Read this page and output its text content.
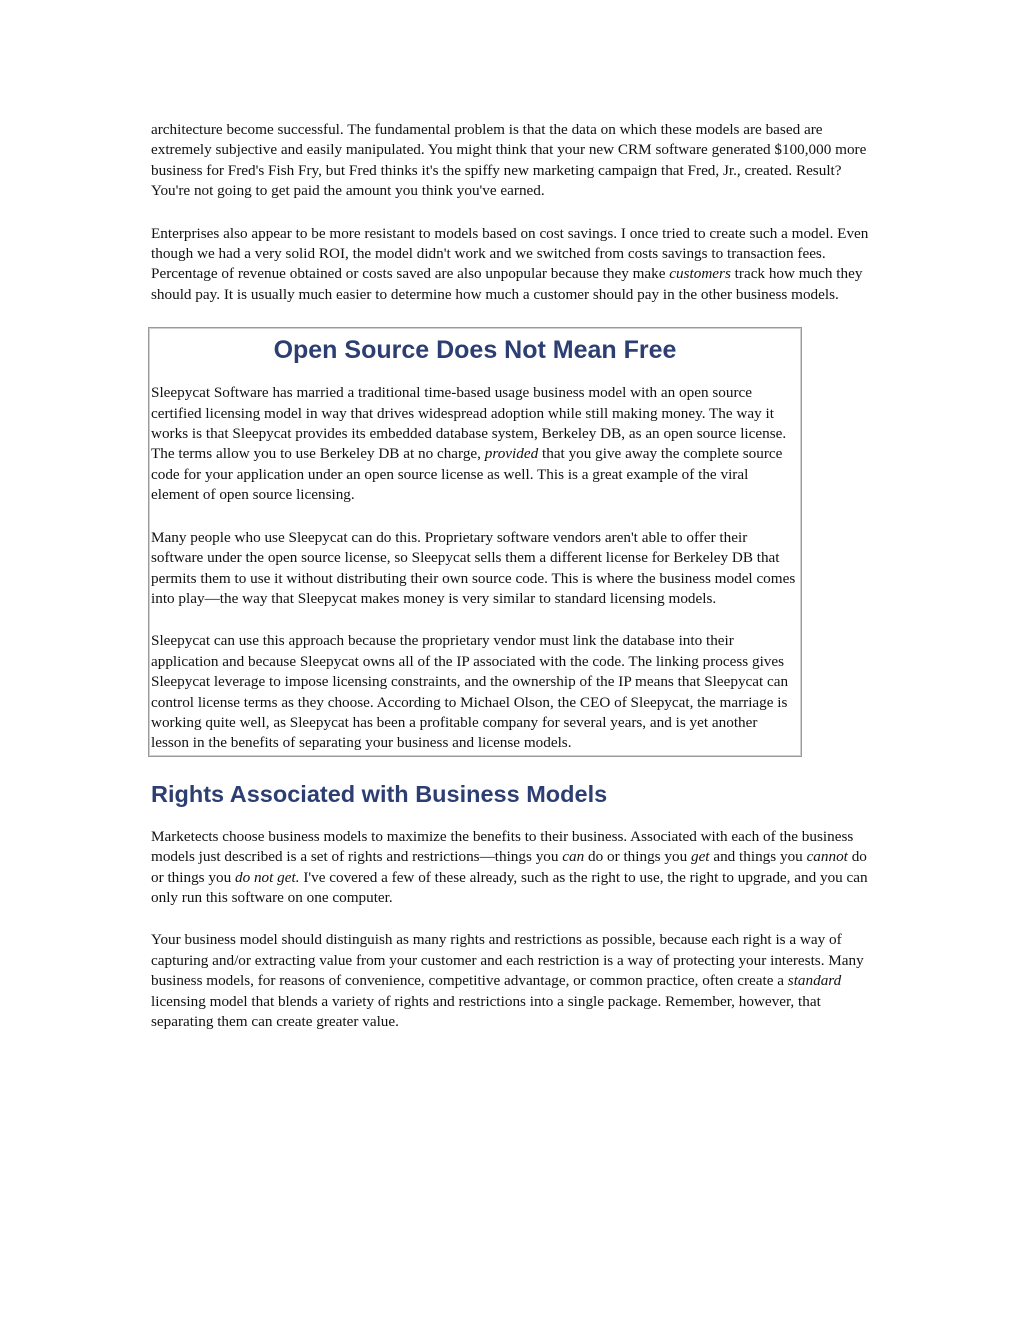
architecture become successful. The fundamental problem is that the data on which these models are based are extremely subjective and easily manipulated. You might think that your new CRM software generated $100,000 more business for Fred's Fish Fry, but Fred thinks it's the spiffy new marketing campaign that Fred, Jr., created. Result? You're not going to get paid the amount you think you've earned.

Enterprises also appear to be more resistant to models based on cost savings. I once tried to create such a model. Even though we had a very solid ROI, the model didn't work and we switched from costs savings to transaction fees. Percentage of revenue obtained or costs saved are also unpopular because they make customers track how much they should pay. It is usually much easier to determine how much a customer should pay in the other business models.

Open Source Does Not Mean Free

Sleepycat Software has married a traditional time-based usage business model with an open source certified licensing model in way that drives widespread adoption while still making money. The way it works is that Sleepycat provides its embedded database system, Berkeley DB, as an open source license. The terms allow you to use Berkeley DB at no charge, provided that you give away the complete source code for your application under an open source license as well. This is a great example of the viral element of open source licensing.

Many people who use Sleepycat can do this. Proprietary software vendors aren't able to offer their software under the open source license, so Sleepycat sells them a different license for Berkeley DB that permits them to use it without distributing their own source code. This is where the business model comes into play—the way that Sleepycat makes money is very similar to standard licensing models.

Sleepycat can use this approach because the proprietary vendor must link the database into their application and because Sleepycat owns all of the IP associated with the code. The linking process gives Sleepycat leverage to impose licensing constraints, and the ownership of the IP means that Sleepycat can control license terms as they choose. According to Michael Olson, the CEO of Sleepycat, the marriage is working quite well, as Sleepycat has been a profitable company for several years, and is yet another lesson in the benefits of separating your business and license models.

Rights Associated with Business Models

Marketects choose business models to maximize the benefits to their business. Associated with each of the business models just described is a set of rights and restrictions—things you can do or things you get and things you cannot do or things you do not get. I've covered a few of these already, such as the right to use, the right to upgrade, and you can only run this software on one computer.

Your business model should distinguish as many rights and restrictions as possible, because each right is a way of capturing and/or extracting value from your customer and each restriction is a way of protecting your interests. Many business models, for reasons of convenience, competitive advantage, or common practice, often create a standard licensing model that blends a variety of rights and restrictions into a single package. Remember, however, that separating them can create greater value.
